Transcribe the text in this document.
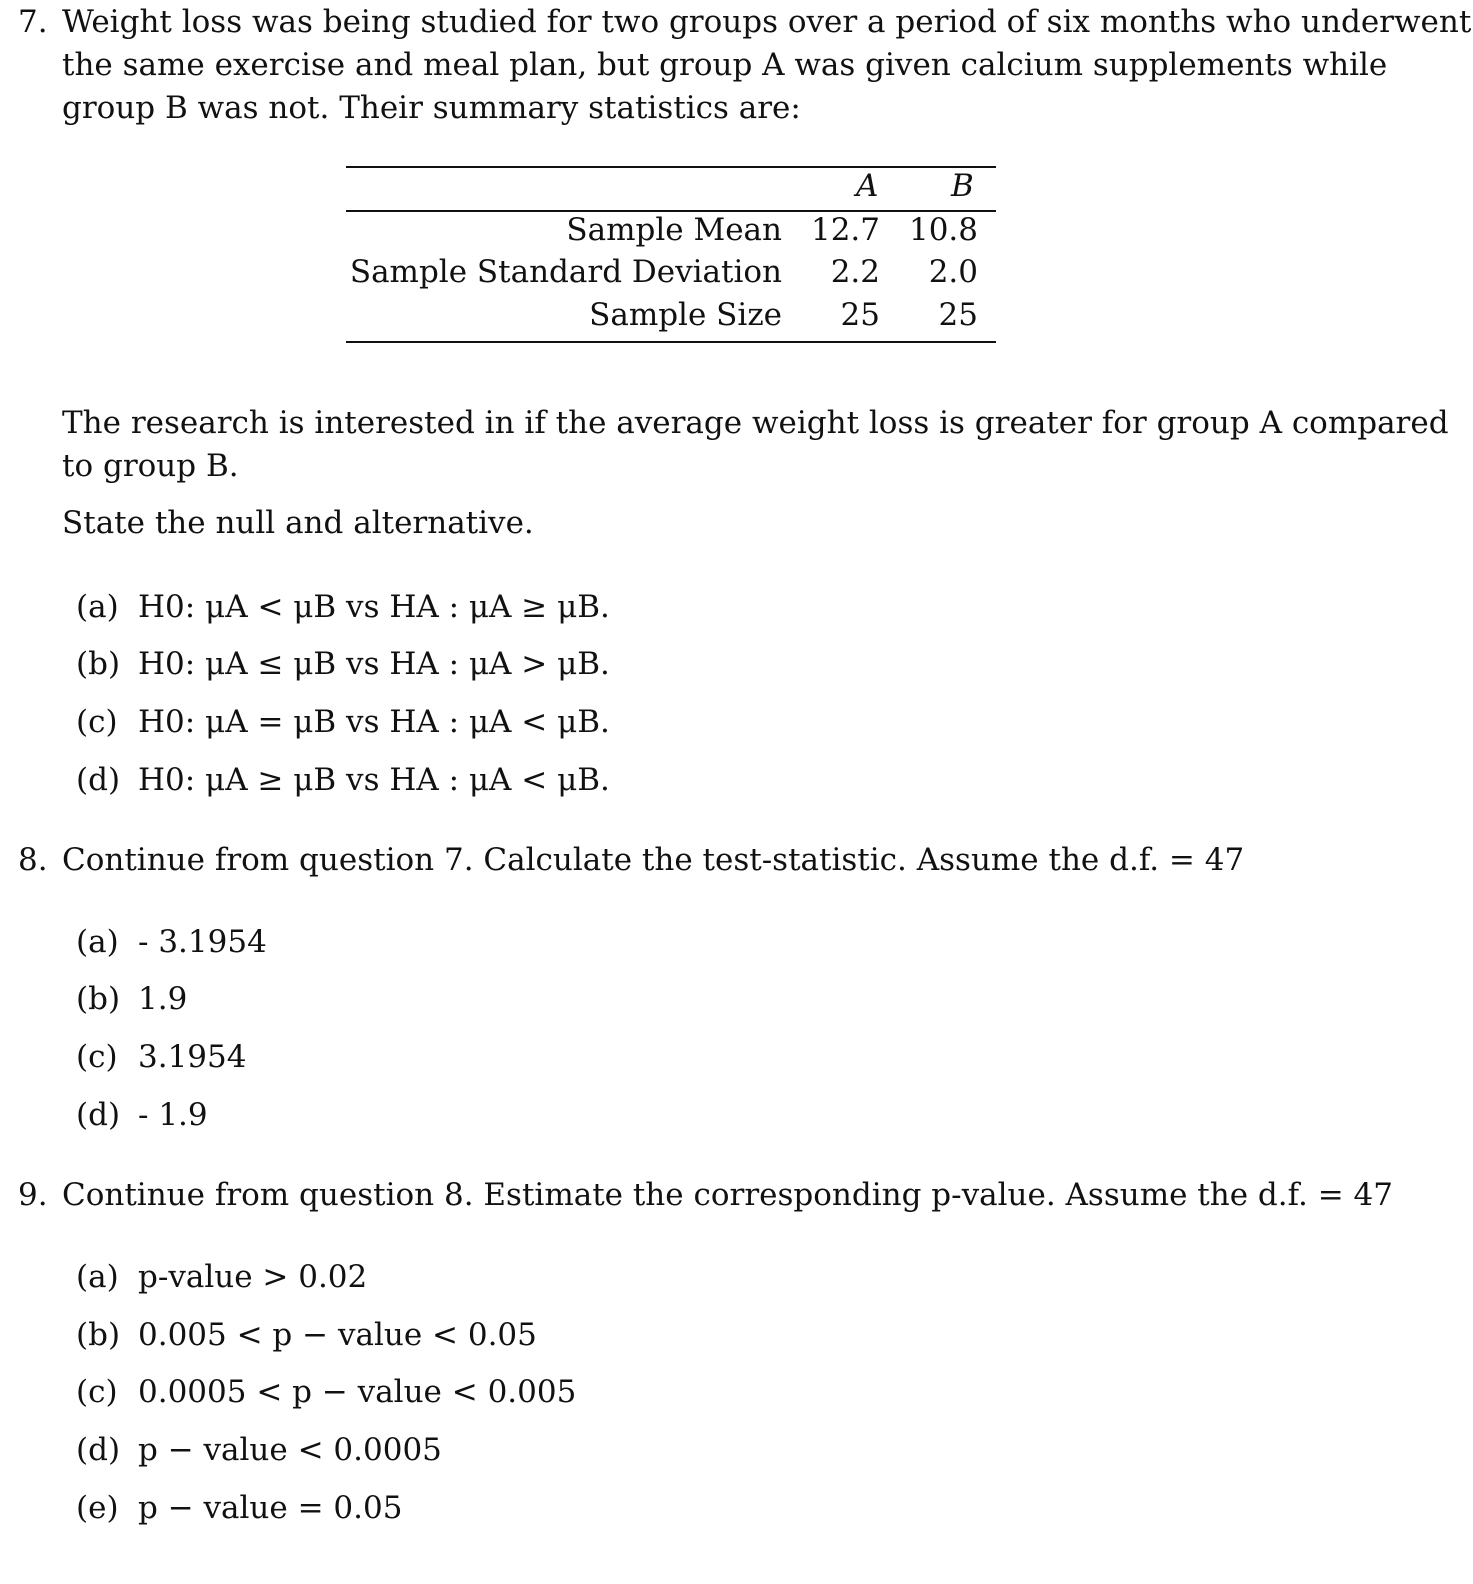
7. Weight loss was being studied for two groups over a period of six months who underwent
the same exercise and meal plan, but group A was given calcium supplements while
group B was not. Their summary statistics are:
A B
Sample Mean 12.7 10.8
Sample Standard Deviation 2.2 2.0
Sample Size 25 25
The research is interested in if the average weight loss is greater for group A compared
to group B.
State the null and alternative.
(a) H0: μA < μB vs HA : μA ≥ μB.
(b) H0: μA ≤ μB vs HA : μA > μB.
(c) H0: μA = μB vs HA : μA < μB.
(d) H0: μA ≥ μB vs HA : μA < μB.
8. Continue from question 7. Calculate the test-statistic. Assume the d.f. = 47
(a) - 3.1954
(b) 1.9
(c) 3.1954
(d) - 1.9
9. Continue from question 8. Estimate the corresponding p-value. Assume the d.f. = 47
(a) p-value > 0.02
(b) 0.005 < p − value < 0.05
(c) 0.0005 < p − value < 0.005
(d) p − value < 0.0005
(e) p − value = 0.05
